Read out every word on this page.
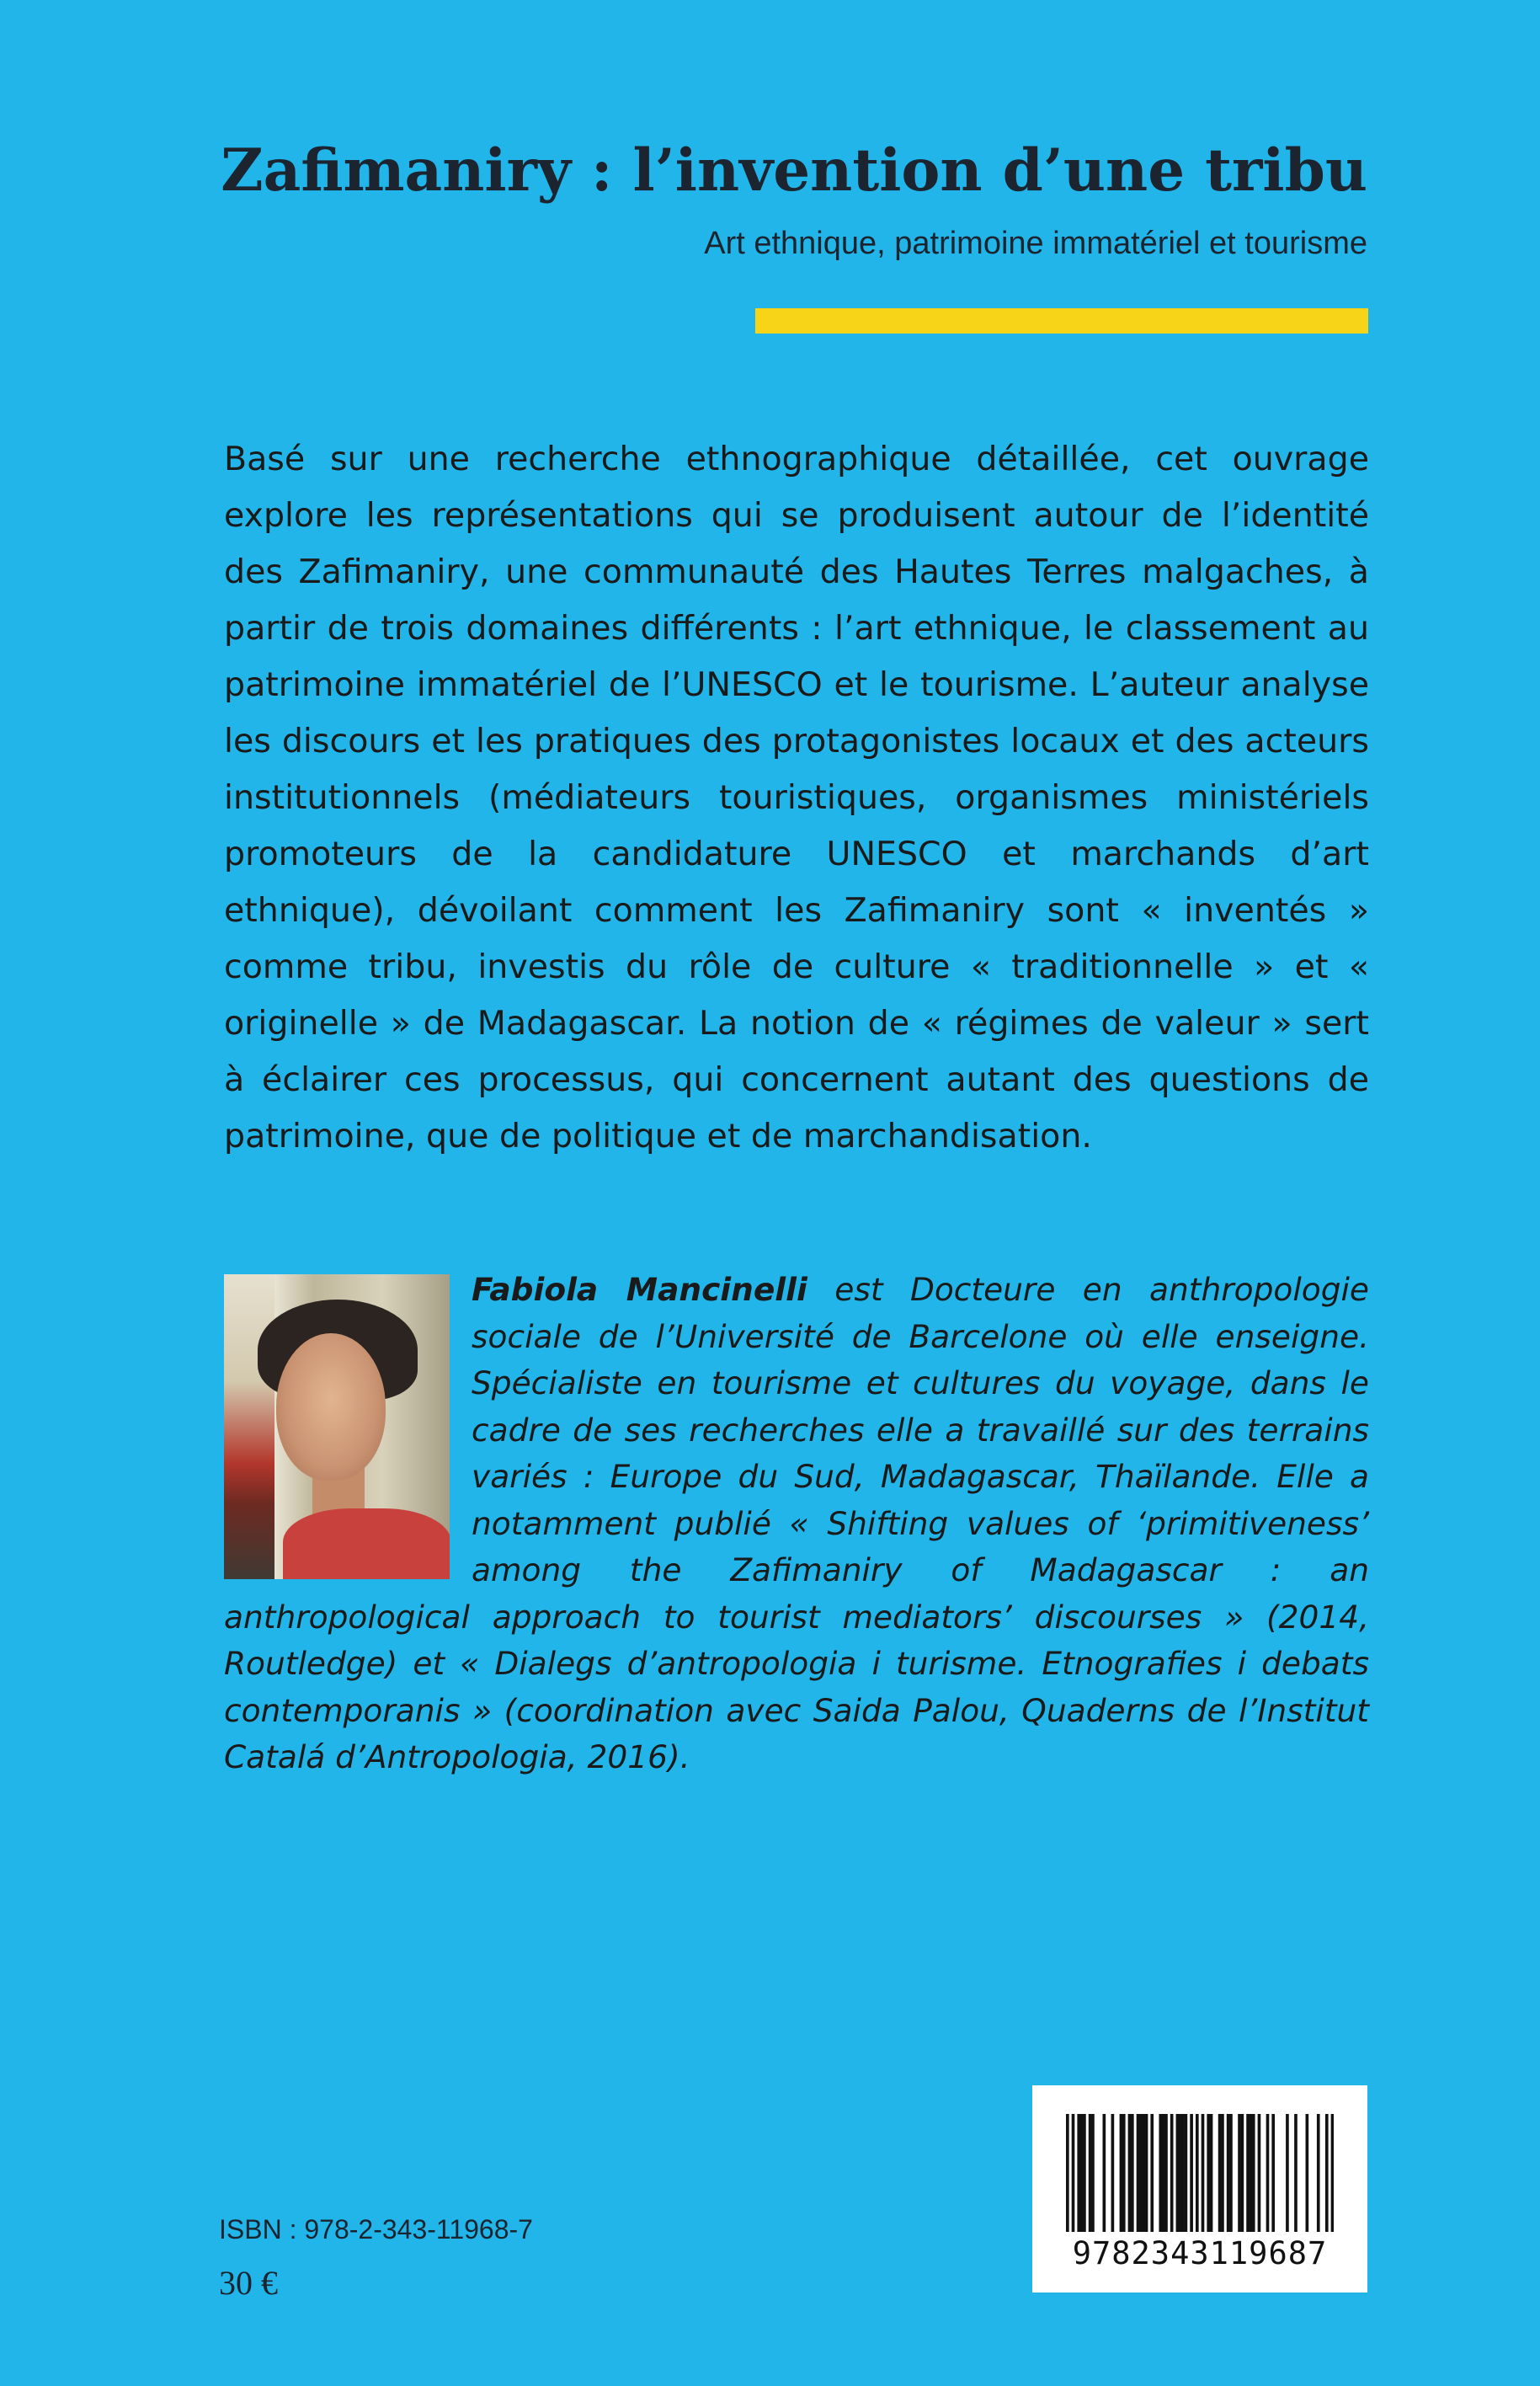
Zafimaniry : l’invention d’une tribu
Art ethnique, patrimoine immatériel et tourisme

Basé sur une recherche ethnographique détaillée, cet ouvrage explore les représentations qui se produisent autour de l’identité des Zafimaniry, une communauté des Hautes Terres malgaches, à partir de trois domaines différents : l’art ethnique, le classement au patrimoine immatériel de l’UNESCO et le tourisme. L’auteur analyse les discours et les pratiques des protagonistes locaux et des acteurs institutionnels (médiateurs touristiques, organismes ministériels promoteurs de la candidature UNESCO et marchands d’art ethnique), dévoilant comment les Zafimaniry sont « inventés » comme tribu, investis du rôle de culture « traditionnelle » et « originelle » de Madagascar. La notion de « régimes de valeur » sert à éclairer ces processus, qui concernent autant des questions de patrimoine, que de politique et de marchandisation.

Fabiola Mancinelli est Docteure en anthropologie sociale de l’Université de Barcelone où elle enseigne. Spécialiste en tourisme et cultures du voyage, dans le cadre de ses recherches elle a travaillé sur des terrains variés : Europe du Sud, Madagascar, Thaïlande. Elle a notamment publié « Shifting values of ‘primitiveness’ among the Zafimaniry of Madagascar : an anthropological approach to tourist mediators’ discourses » (2014, Routledge) et « Dialegs d’antropologia i turisme. Etnografies i debats contemporanis » (coordination avec Saida Palou, Quaderns de l’Institut Catalá d’Antropologia, 2016).
ISBN : 978-2-343-11968-7
30 €
9782343119687
